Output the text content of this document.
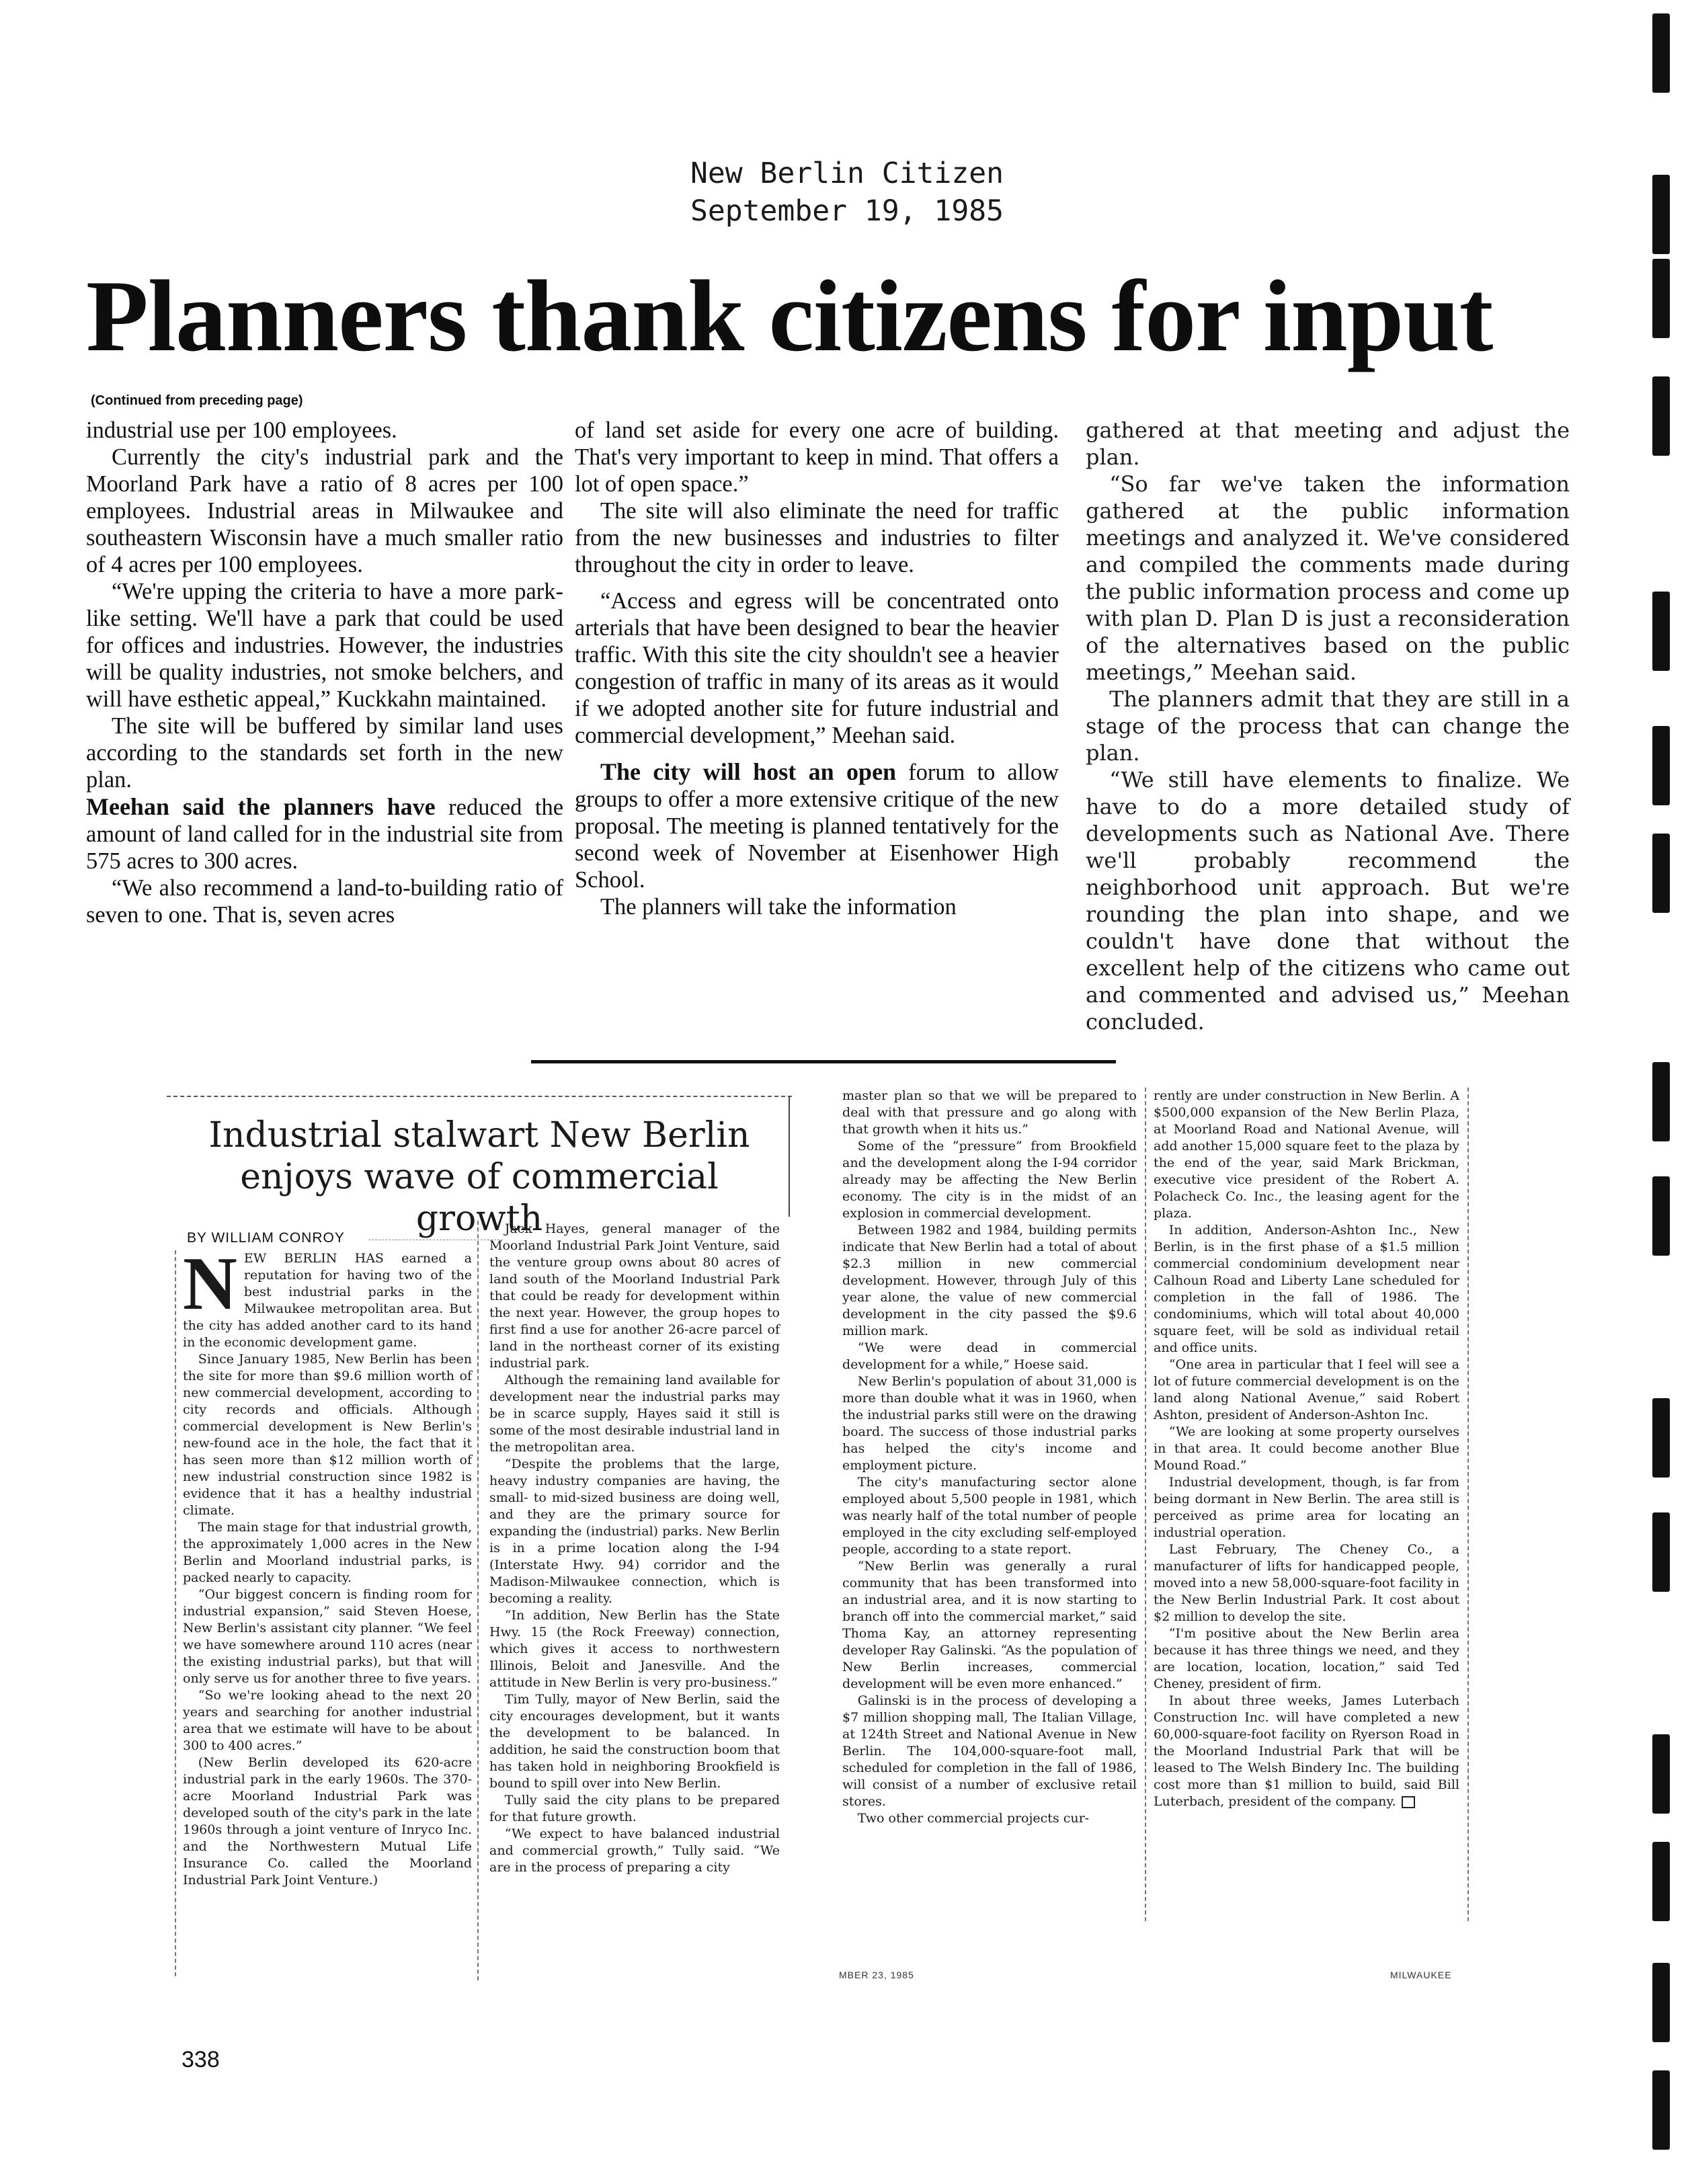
New Berlin Citizen
September 19, 1985
Planners thank citizens for input
(Continued from preceding page)

industrial use per 100 employees.

Currently the city's industrial park and the Moorland Park have a ratio of 8 acres per 100 employees. Industrial areas in Milwaukee and southeastern Wisconsin have a much smaller ratio of 4 acres per 100 employees.

“We're upping the criteria to have a more park-like setting. We'll have a park that could be used for offices and industries. However, the industries will be quality industries, not smoke belchers, and will have esthetic appeal,” Kuckkahn maintained.

The site will be buffered by similar land uses according to the standards set forth in the new plan.

Meehan said the planners have reduced the amount of land called for in the industrial site from 575 acres to 300 acres.

“We also recommend a land-to-building ratio of seven to one. That is, seven acres

of land set aside for every one acre of building. That's very important to keep in mind. That offers a lot of open space.”

The site will also eliminate the need for traffic from the new businesses and industries to filter throughout the city in order to leave.

“Access and egress will be concentrated onto arterials that have been designed to bear the heavier traffic. With this site the city shouldn't see a heavier congestion of traffic in many of its areas as it would if we adopted another site for future industrial and commercial development,” Meehan said.

The city will host an open forum to allow groups to offer a more extensive critique of the new proposal. The meeting is planned tentatively for the second week of November at Eisenhower High School.

The planners will take the information

gathered at that meeting and adjust the plan.

“So far we've taken the information gathered at the public information meetings and analyzed it. We've considered and compiled the comments made during the public information process and come up with plan D. Plan D is just a reconsideration of the alternatives based on the public meetings,” Meehan said.

The planners admit that they are still in a stage of the process that can change the plan.

“We still have elements to finalize. We have to do a more detailed study of developments such as National Ave. There we'll probably recommend the neighborhood unit approach. But we're rounding the plan into shape, and we couldn't have done that without the excellent help of the citizens who came out and commented and advised us,” Meehan concluded.

Industrial stalwart New Berlin
enjoys wave of commercial growth
BY WILLIAM CONROY

NEW BERLIN HAS earned a reputation for having two of the best industrial parks in the Milwaukee metropolitan area. But the city has added another card to its hand in the economic development game.

Since January 1985, New Berlin has been the site for more than $9.6 million worth of new commercial development, according to city records and officials. Although commercial development is New Berlin's new-found ace in the hole, the fact that it has seen more than $12 million worth of new industrial construction since 1982 is evidence that it has a healthy industrial climate.

The main stage for that industrial growth, the approximately 1,000 acres in the New Berlin and Moorland industrial parks, is packed nearly to capacity.

“Our biggest concern is finding room for industrial expansion,” said Steven Hoese, New Berlin's assistant city planner. “We feel we have somewhere around 110 acres (near the existing industrial parks), but that will only serve us for another three to five years.

“So we're looking ahead to the next 20 years and searching for another industrial area that we estimate will have to be about 300 to 400 acres.”

(New Berlin developed its 620-acre industrial park in the early 1960s. The 370-acre Moorland Industrial Park was developed south of the city's park in the late 1960s through a joint venture of Inryco Inc. and the Northwestern Mutual Life Insurance Co. called the Moorland Industrial Park Joint Venture.)

Jack Hayes, general manager of the Moorland Industrial Park Joint Venture, said the venture group owns about 80 acres of land south of the Moorland Industrial Park that could be ready for development within the next year. However, the group hopes to first find a use for another 26-acre parcel of land in the northeast corner of its existing industrial park.

Although the remaining land available for development near the industrial parks may be in scarce supply, Hayes said it still is some of the most desirable industrial land in the metropolitan area.

“Despite the problems that the large, heavy industry companies are having, the small- to mid-sized business are doing well, and they are the primary source for expanding the (industrial) parks. New Berlin is in a prime location along the I-94 (Interstate Hwy. 94) corridor and the Madison-Milwaukee connection, which is becoming a reality.

“In addition, New Berlin has the State Hwy. 15 (the Rock Freeway) connection, which gives it access to northwestern Illinois, Beloit and Janesville. And the attitude in New Berlin is very pro-business.”

Tim Tully, mayor of New Berlin, said the city encourages development, but it wants the development to be balanced. In addition, he said the construction boom that has taken hold in neighboring Brookfield is bound to spill over into New Berlin.

Tully said the city plans to be prepared for that future growth.

“We expect to have balanced industrial and commercial growth,” Tully said. “We are in the process of preparing a city

master plan so that we will be prepared to deal with that pressure and go along with that growth when it hits us.”

Some of the “pressure” from Brookfield and the development along the I-94 corridor already may be affecting the New Berlin economy. The city is in the midst of an explosion in commercial development.

Between 1982 and 1984, building permits indicate that New Berlin had a total of about $2.3 million in new commercial development. However, through July of this year alone, the value of new commercial development in the city passed the $9.6 million mark.

“We were dead in commercial development for a while,” Hoese said.

New Berlin's population of about 31,000 is more than double what it was in 1960, when the industrial parks still were on the drawing board. The success of those industrial parks has helped the city's income and employment picture.

The city's manufacturing sector alone employed about 5,500 people in 1981, which was nearly half of the total number of people employed in the city excluding self-employed people, according to a state report.

“New Berlin was generally a rural community that has been transformed into an industrial area, and it is now starting to branch off into the commercial market,” said Thoma Kay, an attorney representing developer Ray Galinski. “As the population of New Berlin increases, commercial development will be even more enhanced.”

Galinski is in the process of developing a $7 million shopping mall, The Italian Village, at 124th Street and National Avenue in New Berlin. The 104,000-square-foot mall, scheduled for completion in the fall of 1986, will consist of a number of exclusive retail stores.

Two other commercial projects cur-

rently are under construction in New Berlin. A $500,000 expansion of the New Berlin Plaza, at Moorland Road and National Avenue, will add another 15,000 square feet to the plaza by the end of the year, said Mark Brickman, executive vice president of the Robert A. Polacheck Co. Inc., the leasing agent for the plaza.

In addition, Anderson-Ashton Inc., New Berlin, is in the first phase of a $1.5 million commercial condominium development near Calhoun Road and Liberty Lane scheduled for completion in the fall of 1986. The condominiums, which will total about 40,000 square feet, will be sold as individual retail and office units.

“One area in particular that I feel will see a lot of future commercial development is on the land along National Avenue,” said Robert Ashton, president of Anderson-Ashton Inc.

“We are looking at some property ourselves in that area. It could become another Blue Mound Road.”

Industrial development, though, is far from being dormant in New Berlin. The area still is perceived as prime area for locating an industrial operation.

Last February, The Cheney Co., a manufacturer of lifts for handicapped people, moved into a new 58,000-square-foot facility in the New Berlin Industrial Park. It cost about $2 million to develop the site.

“I'm positive about the New Berlin area because it has three things we need, and they are location, location, location,” said Ted Cheney, president of firm.

In about three weeks, James Luterbach Construction Inc. will have completed a new 60,000-square-foot facility on Ryerson Road in the Moorland Industrial Park that will be leased to The Welsh Bindery Inc. The building cost more than $1 million to build, said Bill Luterbach, president of the company.

MBER 23, 1985	MILWAUKEE
338
